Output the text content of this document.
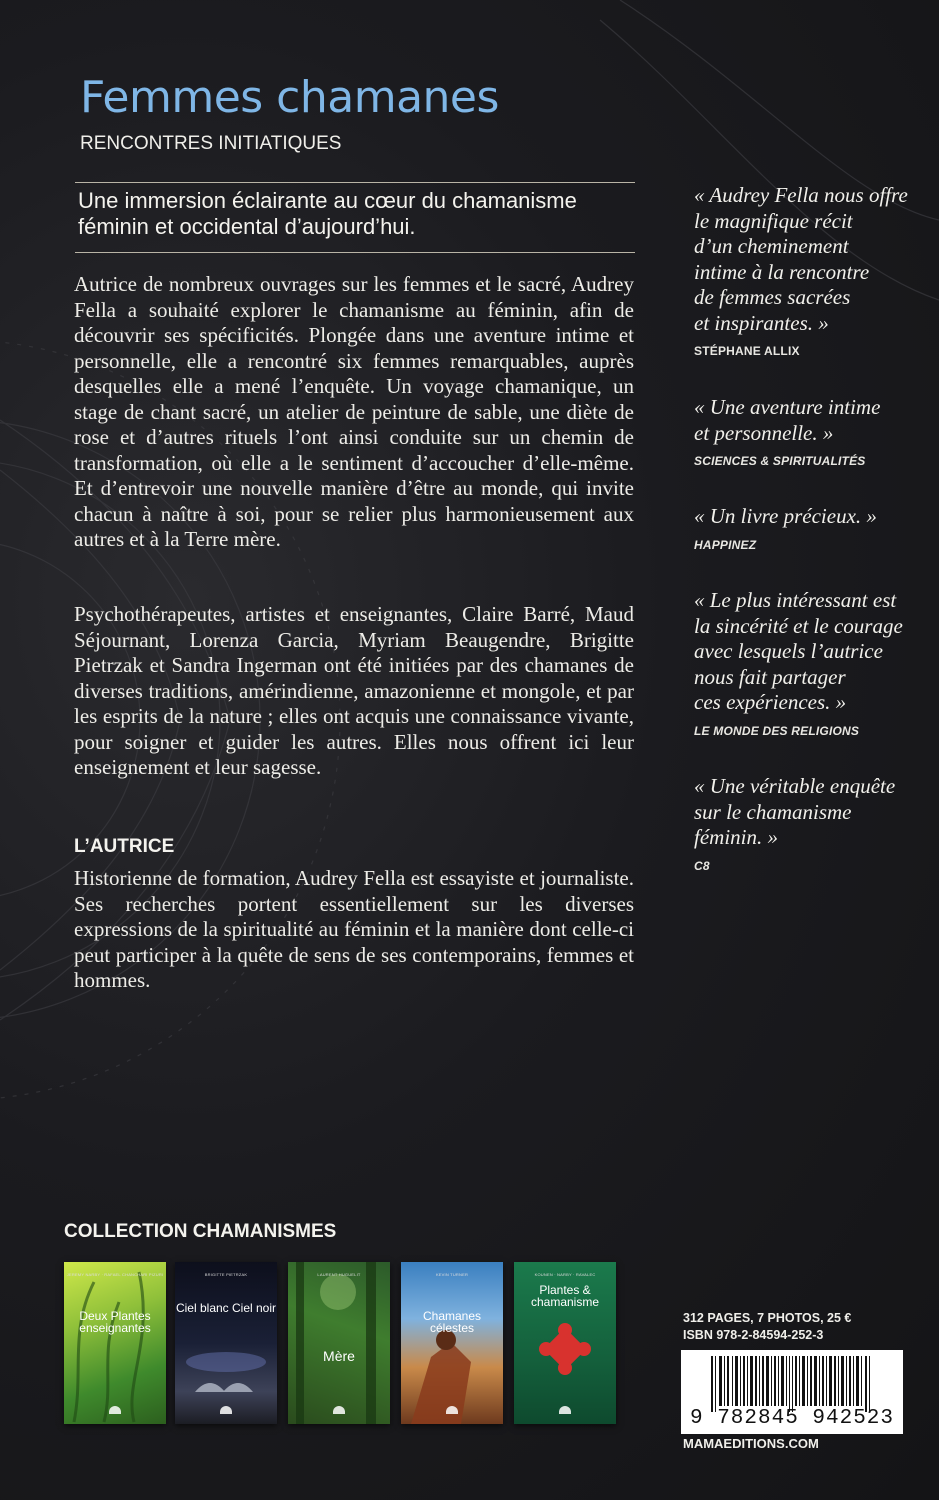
Femmes chamanes
RENCONTRES INITIATIQUES
Une immersion éclairante au cœur du chamanisme féminin et occidental d’aujourd’hui.

Autrice de nombreux ouvrages sur les femmes et le sacré, Audrey Fella a souhaité explorer le chamanisme au féminin, afin de découvrir ses spécificités. Plongée dans une aventure intime et personnelle, elle a rencontré six femmes remarquables, auprès desquelles elle a mené l’enquête. Un voyage chamanique, un stage de chant sacré, un atelier de peinture de sable, une diète de rose et d’autres rituels l’ont ainsi conduite sur un chemin de transformation, où elle a le sentiment d’accoucher d’elle-même. Et d’entrevoir une nouvelle manière d’être au monde, qui invite chacun à naître à soi, pour se relier plus harmonieusement aux autres et à la Terre mère.

Psychothérapeutes, artistes et enseignantes, Claire Barré, Maud Séjournant, Lorenza Garcia, Myriam Beaugendre, Brigitte Pietrzak et Sandra Ingerman ont été initiées par des chamanes de diverses traditions, amérindienne, amazonienne et mongole, et par les esprits de la nature ; elles ont acquis une connaissance vivante, pour soigner et guider les autres. Elles nous offrent ici leur enseignement et leur sagesse.

L’AUTRICE

Historienne de formation, Audrey Fella est essayiste et journaliste. Ses recherches portent essentiellement sur les diverses expressions de la spiritualité au féminin et la manière dont celle-ci peut participer à la quête de sens de ses contemporains, femmes et hommes.

« Audrey Fella nous offre
le magnifique récit
d’un cheminement
intime à la rencontre
de femmes sacrées
et inspirantes. »
STÉPHANE ALLIX
« Une aventure intime
et personnelle. »
SCIENCES & SPIRITUALITÉS
« Un livre précieux. »
HAPPINEZ
« Le plus intéressant est
la sincérité et le courage
avec lesquels l’autrice
nous fait partager
ces expériences. »
LE MONDE DES RELIGIONS
« Une véritable enquête
sur le chamanisme
féminin. »
C8
COLLECTION CHAMANISMES
JEREMY NARBY · RAFAEL CHANCHARI PIZURI
Deux Plantes enseignantes
BRIGITTE PIETRZAK
Ciel blanc Ciel noir
LAURENT HUGUELIT
Mère
KEVIN TURNER
Chamanes célestes
KOUNEN · NARBY · RAVALEC
Plantes & chamanisme
312 PAGES, 7 PHOTOS, 25 €
ISBN 978-2-84594-252-3
9 782845 942523
MAMAEDITIONS.COM
